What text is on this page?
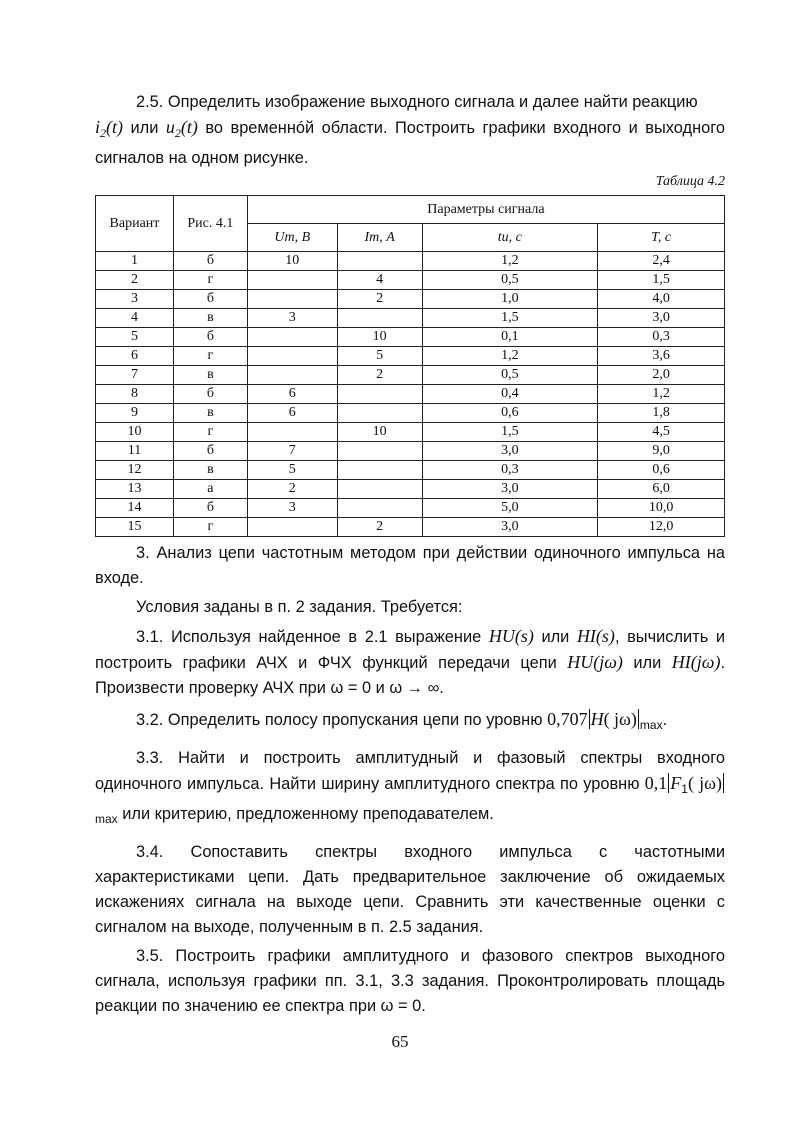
2.5. Определить изображение выходного сигнала и далее найти реакцию
$i_2(t)$ или $u_2(t)$ во временнóй области. Построить графики входного и выходного сигналов на одном рисунке.

Таблица 4.2
Вариант	Рис. 4.1	Параметры сигнала			
		Um, В	Im, А	tи, с	T, с
1	б	10		1,2	2,4
2	г		4	0,5	1,5
3	б		2	1,0	4,0
4	в	3		1,5	3,0
5	б		10	0,1	0,3
6	г		5	1,2	3,6
7	в		2	0,5	2,0
8	б	6		0,4	1,2
9	в	6		0,6	1,8
10	г		10	1,5	4,5
11	б	7		3,0	9,0
12	в	5		0,3	0,6
13	а	2		3,0	6,0
14	б	3		5,0	10,0
15	г		2	3,0	12,0

3. Анализ цепи частотным методом при действии одиночного импульса на входе.

Условия заданы в п. 2 задания. Требуется:

3.1. Используя найденное в 2.1 выражение HU(s) или HI(s), вычислить и построить графики АЧХ и ФЧХ функций передачи цепи HU(jω) или HI(jω). Произвести проверку АЧХ при ω = 0 и ω → ∞.

3.2. Определить полосу пропускания цепи по уровню 0,707 H( jω) $_{max}$.

3.3. Найти и построить амплитудный и фазовый спектры входного одиночного импульса. Найти ширину амплитудного спектра по уровню 0,1 $F_1$( $j\omega)_{max}$ или критерию, предложенному преподавателем.

3.4. Сопоставить спектры входного импульса с частотными характеристиками цепи. Дать предварительное заключение об ожидаемых искажениях сигнала на выходе цепи. Сравнить эти качественные оценки с сигналом на выходе, полученным в п. 2.5 задания.

3.5. Построить графики амплитудного и фазового спектров выходного сигнала, используя графики пп. 3.1, 3.3 задания. Проконтролировать площадь реакции по значению ее спектра при ω = 0.

65
